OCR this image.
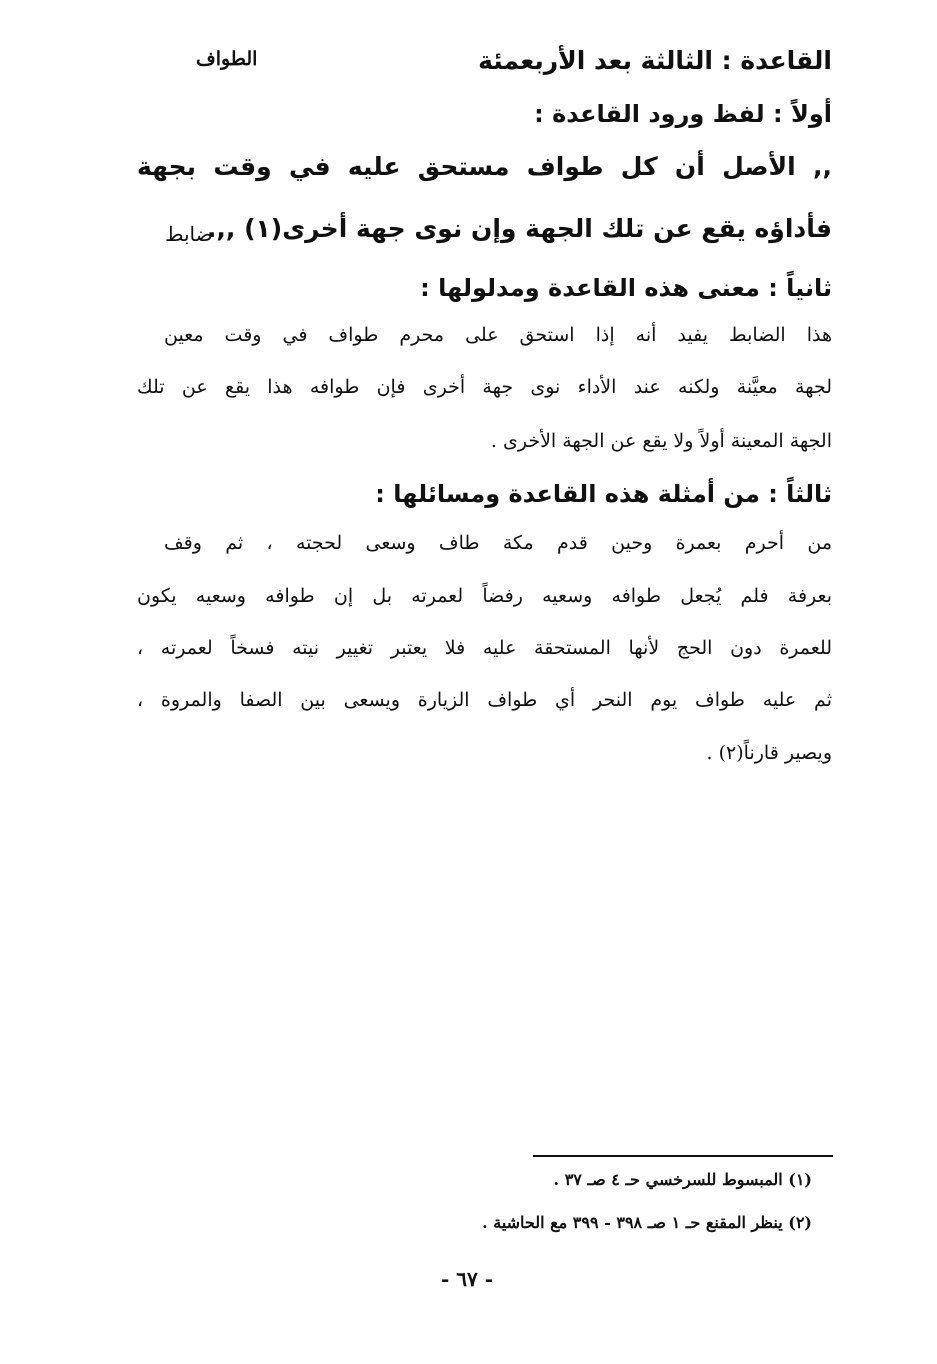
القاعدة : الثالثة بعد الأربعمئة
الطواف
أولاً : لفظ ورود القاعدة :
,, الأصل أن كل طواف مستحق عليه في وقت بجهة
فأداؤه يقع عن تلك الجهة وإن نوى جهة أخرى(١) ,,.
ضابط
ثانياً : معنى هذه القاعدة ومدلولها :
هذا الضابط يفيد أنه إذا استحق على محرم طواف في وقت معين
لجهة معيَّنة ولكنه عند الأداء نوى جهة أخرى فإن طوافه هذا يقع عن تلك
الجهة المعينة أولاً ولا يقع عن الجهة الأخرى .
ثالثاً : من أمثلة هذه القاعدة ومسائلها :
من أحرم بعمرة وحين قدم مكة طاف وسعى لحجته ، ثم وقف
بعرفة فلم يُجعل طوافه وسعيه رفضاً لعمرته بل إن طوافه وسعيه يكون
للعمرة دون الحج لأنها المستحقة عليه فلا يعتبر تغيير نيته فسخاً لعمرته ،
ثم عليه طواف يوم النحر أي طواف الزيارة ويسعى بين الصفا والمروة ،
ويصير قارناً(٢) .
(١) المبسوط للسرخسي حـ ٤ صـ ٣٧ .
(٢) ينظر المقنع حـ ١ صـ ٣٩٨ - ٣٩٩ مع الحاشية .
- ٦٧ -
